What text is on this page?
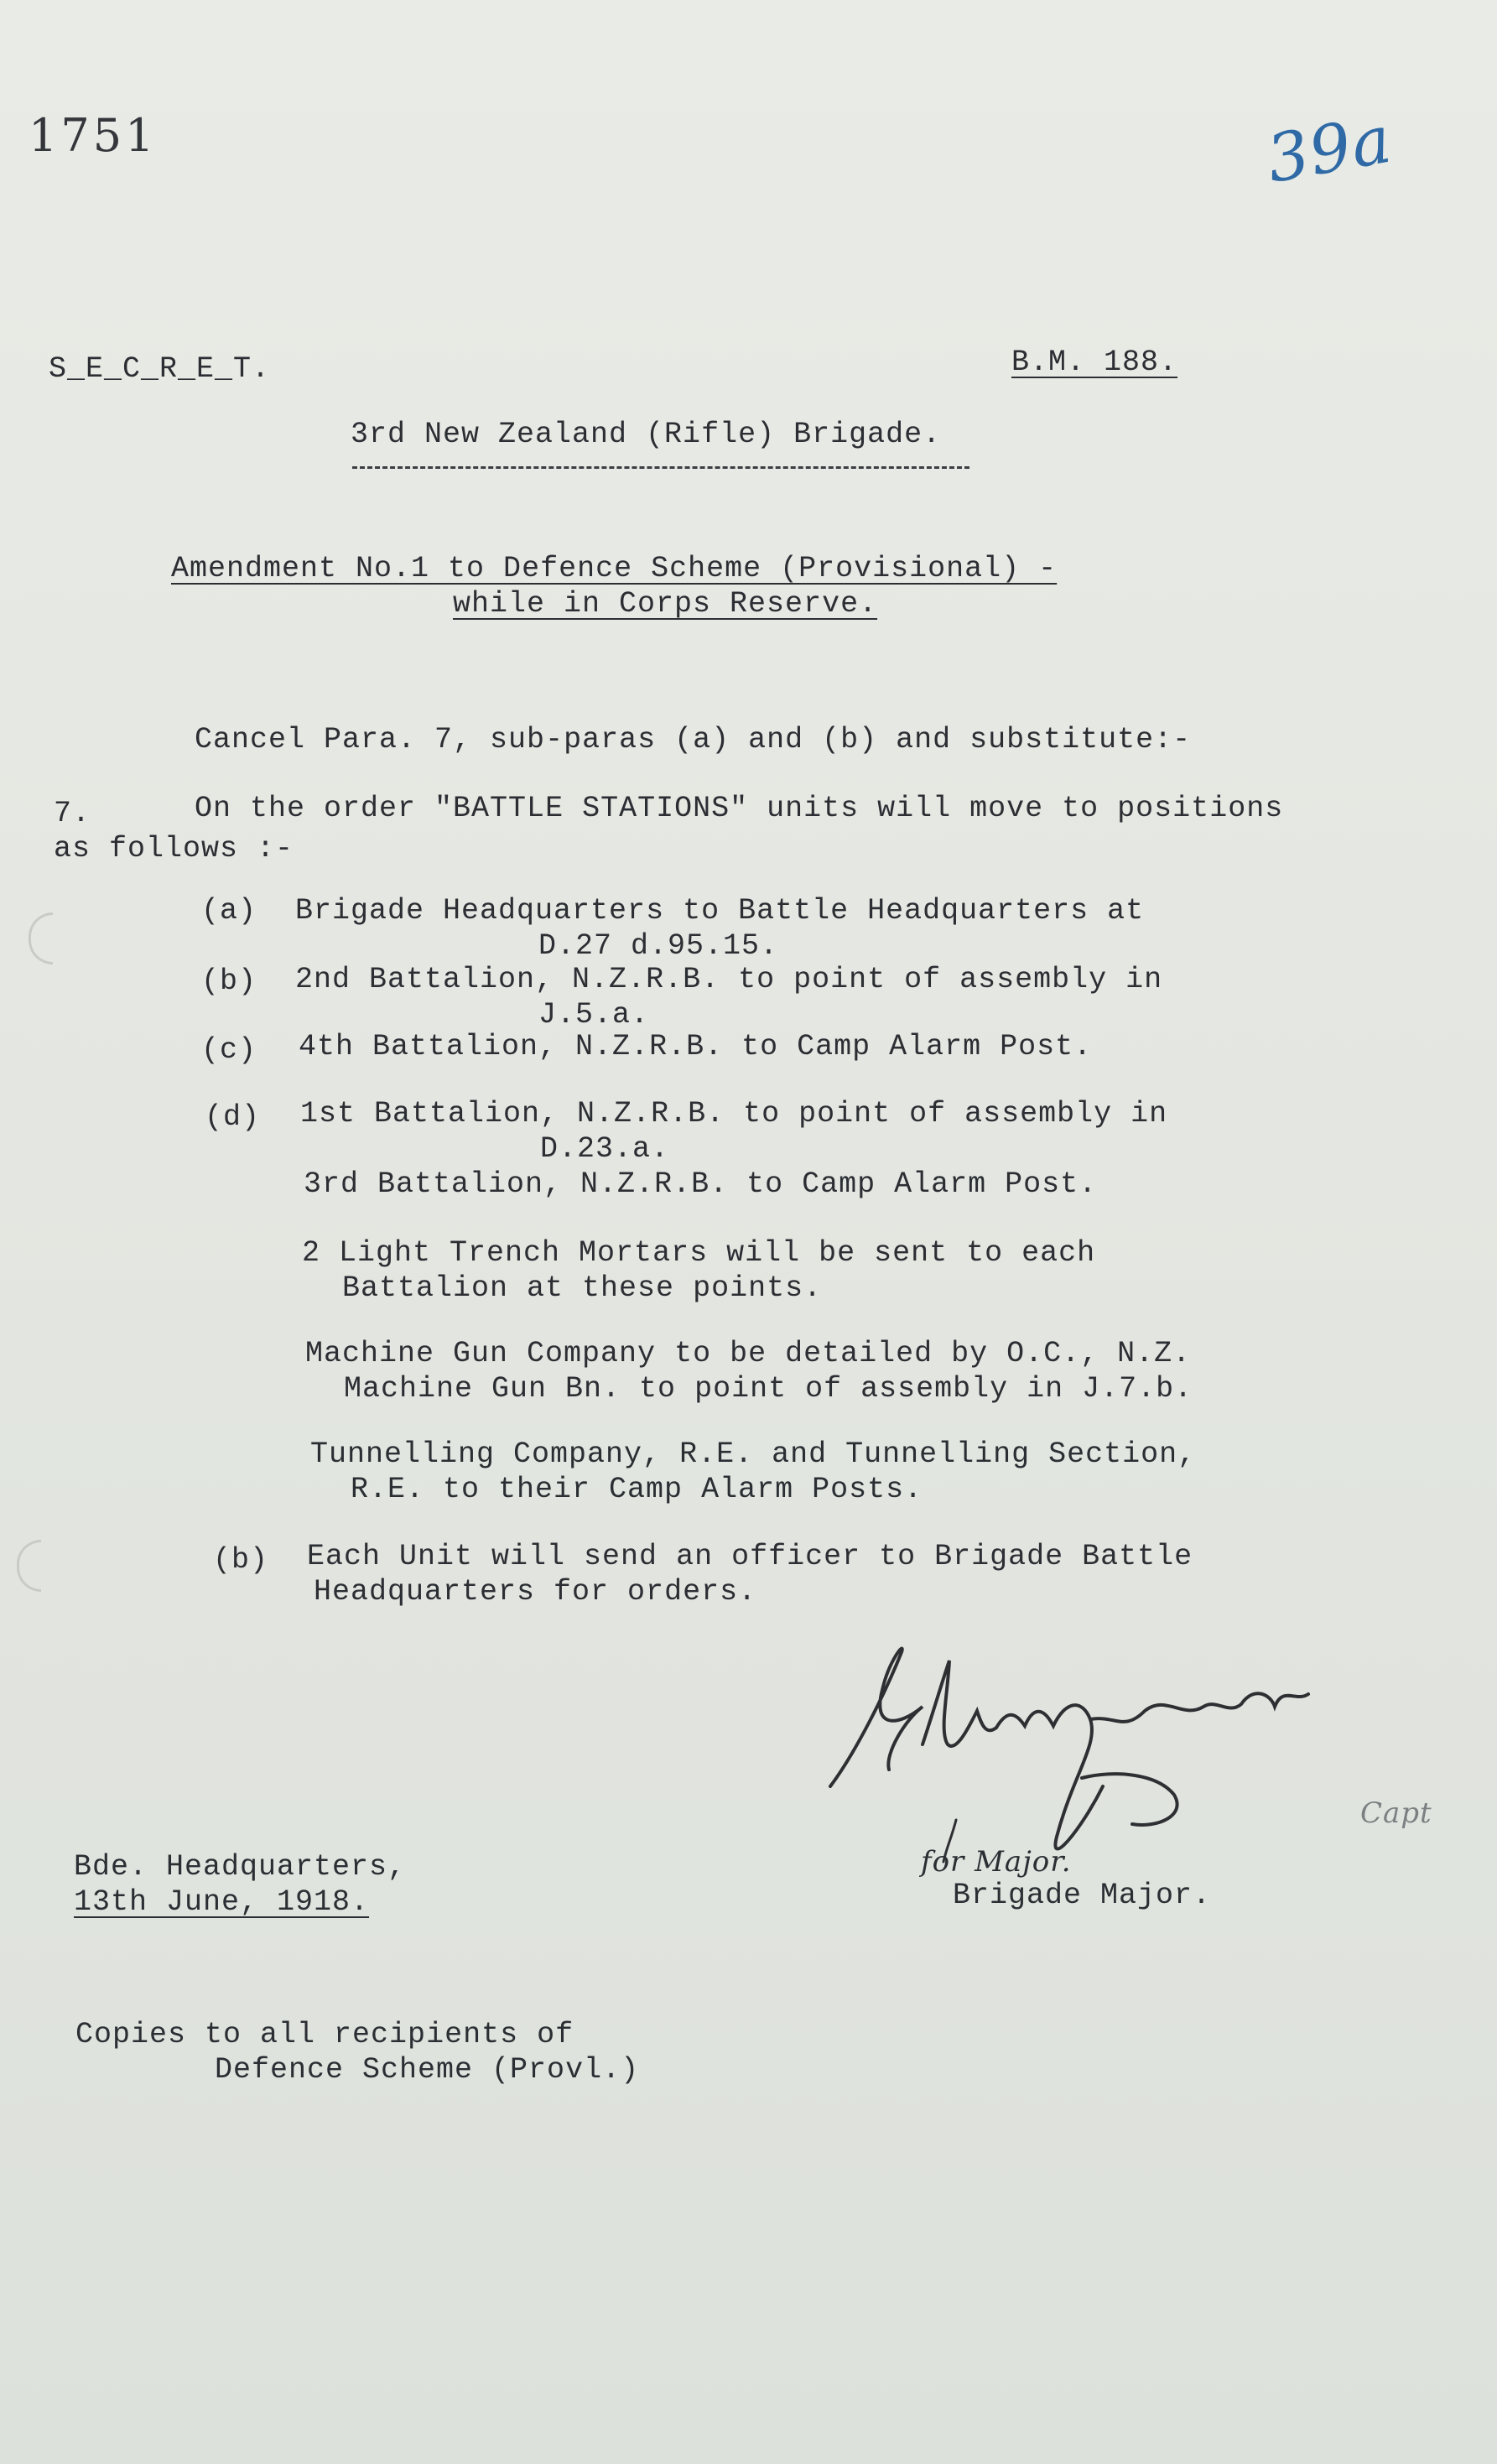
1751	39a
S_E_C_R_E_T.	B.M. 188.
3rd New Zealand (Rifle) Brigade.
Amendment No.1 to Defence Scheme (Provisional) -
while in Corps Reserve.
Cancel Para. 7, sub-paras (a) and (b) and substitute:-
7.	On the order "BATTLE STATIONS" units will move to positions
as follows :-
(a) Brigade Headquarters to Battle Headquarters at
D.27 d.95.15.
(b) 2nd Battalion, N.Z.R.B. to point of assembly in
J.5.a.
(c) 4th Battalion, N.Z.R.B. to Camp Alarm Post.
(d) 1st Battalion, N.Z.R.B. to point of assembly in
D.23.a.
3rd Battalion, N.Z.R.B. to Camp Alarm Post.
2 Light Trench Mortars will be sent to each
Battalion at these points.
Machine Gun Company to be detailed by O.C., N.Z.
Machine Gun Bn. to point of assembly in J.7.b.
Tunnelling Company, R.E. and Tunnelling Section,
R.E. to their Camp Alarm Posts.
(b) Each Unit will send an officer to Brigade Battle
Headquarters for orders.
for Major.
Brigade Major.
Capt
Bde. Headquarters,
13th June, 1918.
Copies to all recipients of
Defence Scheme (Provl.)
